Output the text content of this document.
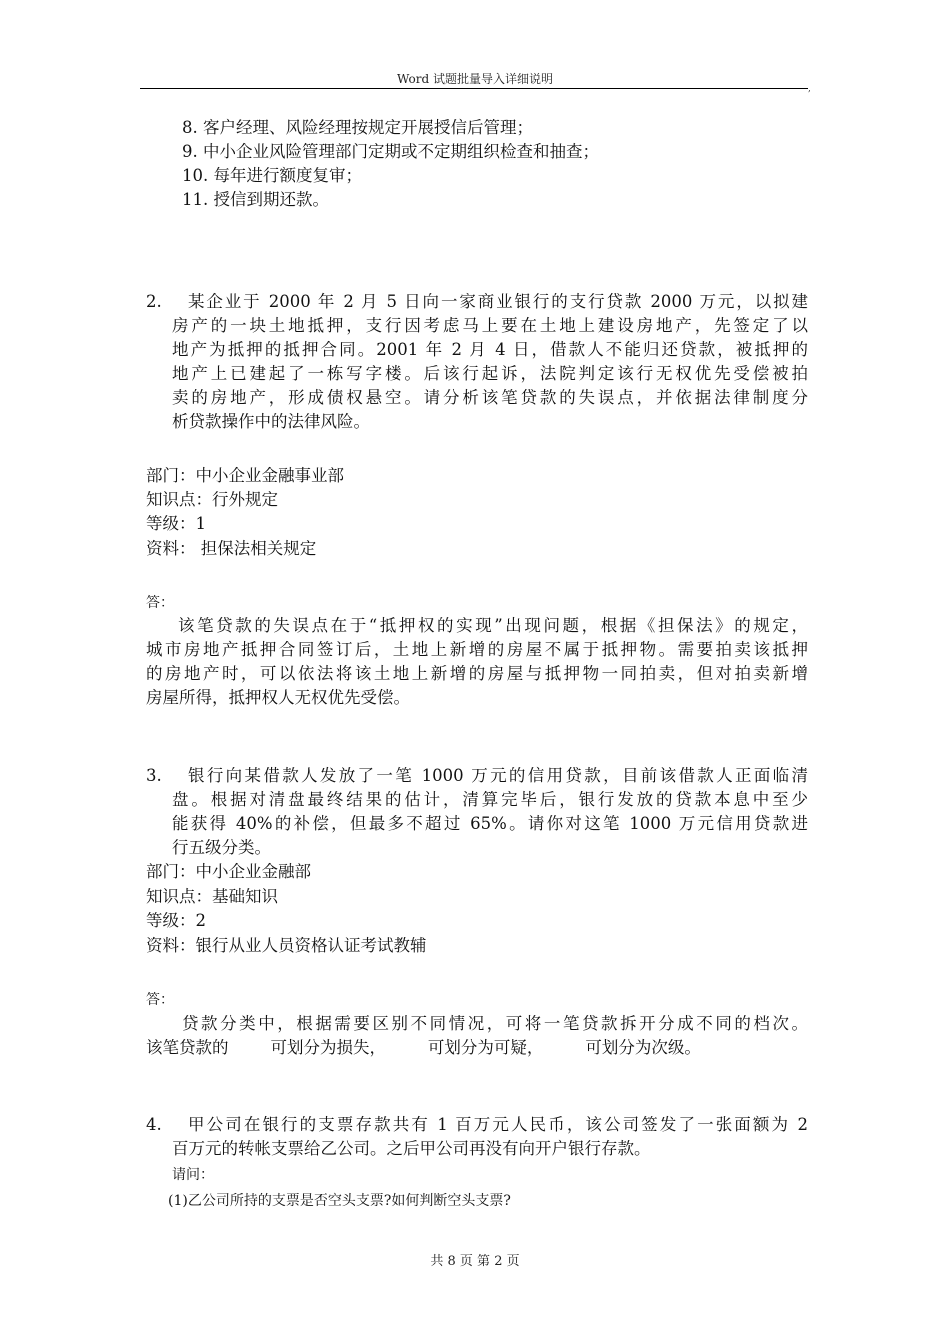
Word 试题批量导入详细说明
,
8. 客户经理、风险经理按规定开展授信后管理；
9. 中小企业风险管理部门定期或不定期组织检查和抽查；
10. 每年进行额度复审；
11. 授信到期还款。
2. 某企业于 2000 年 2 月 5 日向一家商业银行的支行贷款 2000 万元，以拟建
房产的一块土地抵押，支行因考虑马上要在土地上建设房地产，先签定了以
地产为抵押的抵押合同。2001 年 2 月 4 日，借款人不能归还贷款，被抵押的
地产上已建起了一栋写字楼。后该行起诉，法院判定该行无权优先受偿被拍
卖的房地产，形成债权悬空。请分析该笔贷款的失误点，并依据法律制度分
析贷款操作中的法律风险。
部门：中小企业金融事业部
知识点：行外规定
等级：1
资料： 担保法相关规定
答：
该笔贷款的失误点在于“抵押权的实现”出现问题，根据《担保法》的规定，
城市房地产抵押合同签订后，土地上新增的房屋不属于抵押物。需要拍卖该抵押
的房地产时，可以依法将该土地上新增的房屋与抵押物一同拍卖，但对拍卖新增
房屋所得，抵押权人无权优先受偿。
3. 银行向某借款人发放了一笔 1000 万元的信用贷款，目前该借款人正面临清
盘。根据对清盘最终结果的估计，清算完毕后，银行发放的贷款本息中至少
能获得 40%的补偿，但最多不超过 65%。请你对这笔 1000 万元信用贷款进
行五级分类。
部门：中小企业金融部
知识点：基础知识
等级：2
资料：银行从业人员资格认证考试教辅
答：
贷款分类中，根据需要区别不同情况，可将一笔贷款拆开分成不同的档次。
该笔贷款的        可划分为损失，        可划分为可疑，        可划分为次级。
4. 甲公司在银行的支票存款共有 1 百万元人民币，该公司签发了一张面额为 2
百万元的转帐支票给乙公司。之后甲公司再没有向开户银行存款。
请问：
(1)乙公司所持的支票是否空头支票?如何判断空头支票?
共 8 页 第 2 页
